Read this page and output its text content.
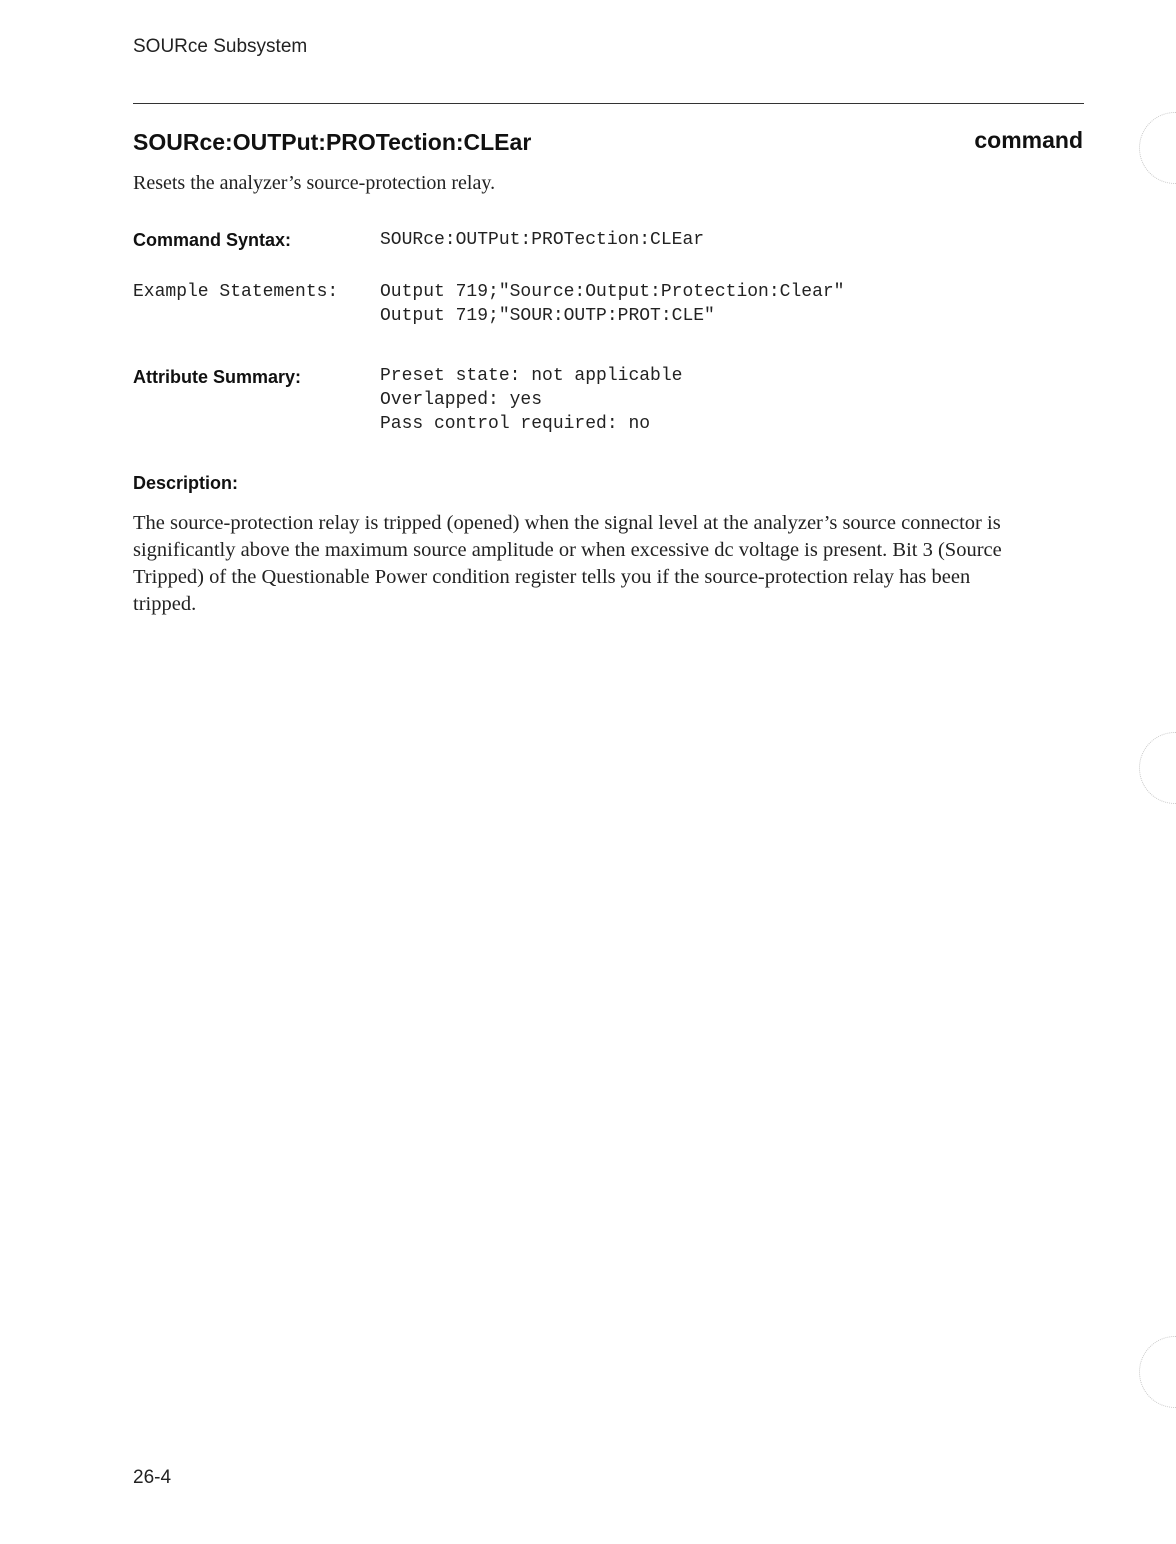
SOURce Subsystem
SOURce:OUTPut:PROTection:CLEar	command
Resets the analyzer’s source-protection relay.
Command Syntax:	SOURce:OUTPut:PROTection:CLEar
Example Statements: Output 719;"Source:Output:Protection:Clear"
Output 719;"SOUR:OUTP:PROT:CLE"
Attribute Summary:	Preset state: not applicable
Overlapped: yes
Pass control required: no
Description:
The source-protection relay is tripped (opened) when the signal level at the analyzer’s source connector is significantly above the maximum source amplitude or when excessive dc voltage is present. Bit 3 (Source Tripped) of the Questionable Power condition register tells you if the source-protection relay has been tripped.
26-4
